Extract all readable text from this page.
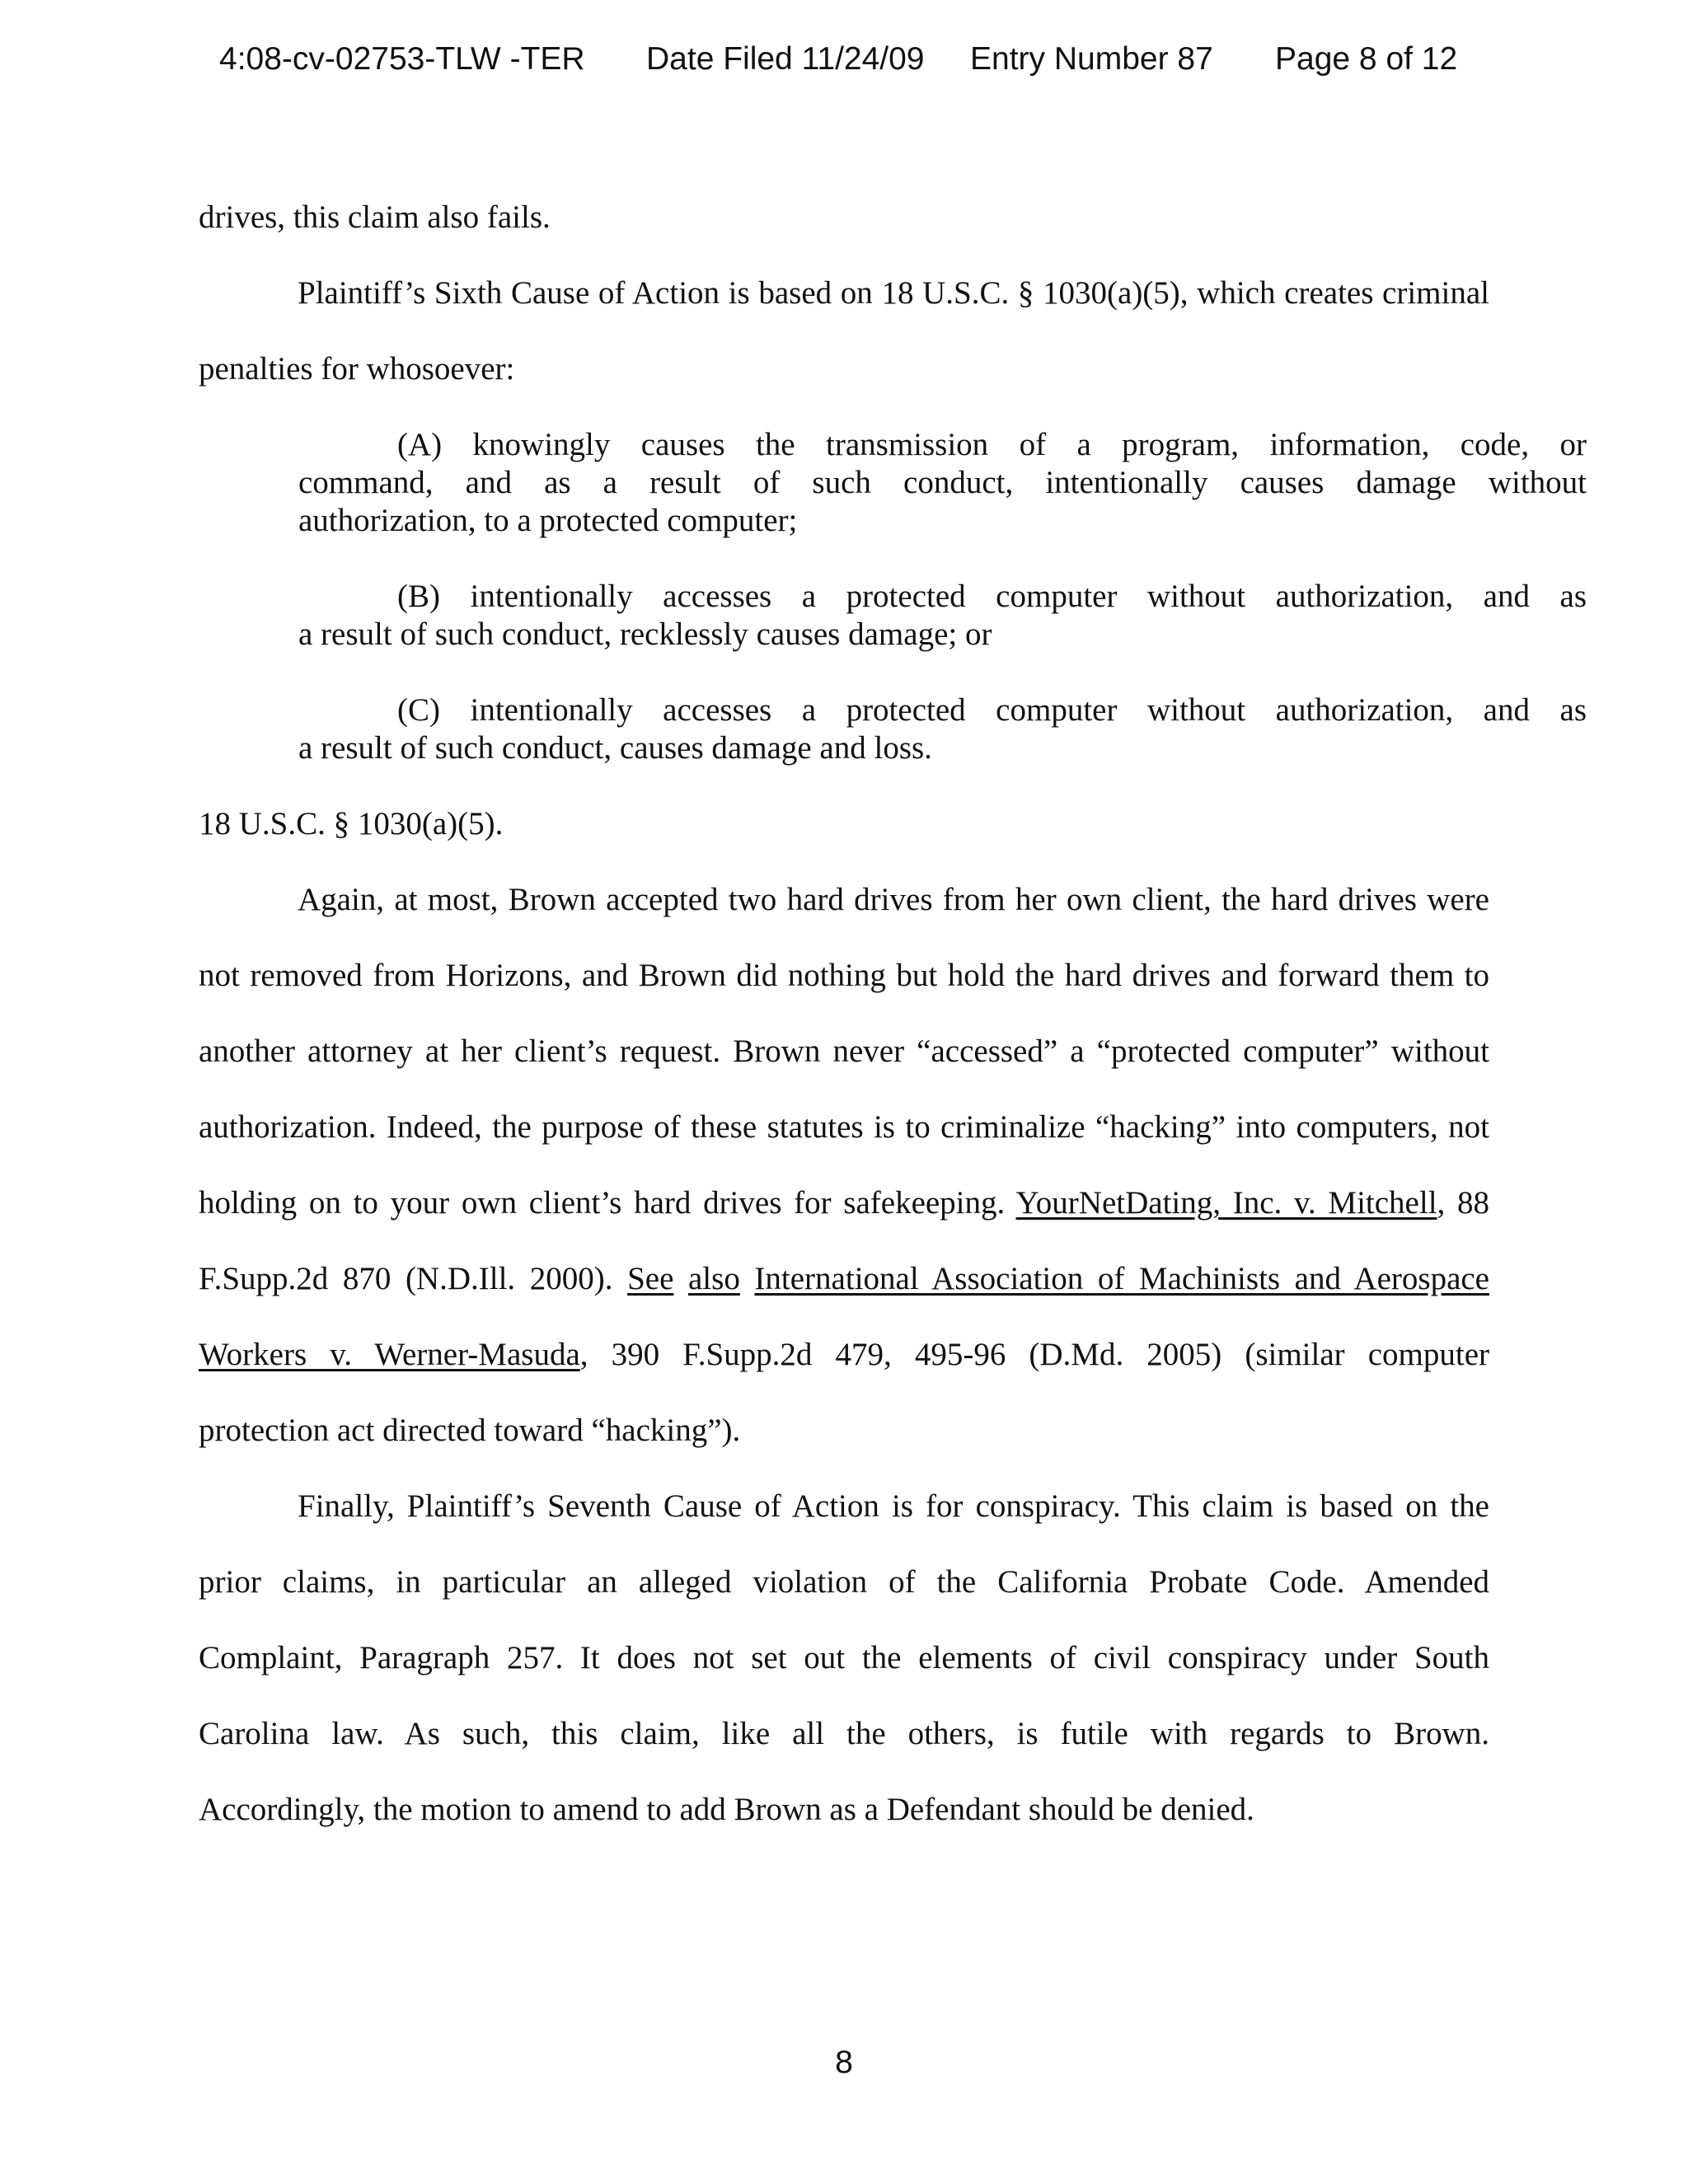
4:08-cv-02753-TLW -TER Date Filed 11/24/09 Entry Number 87 Page 8 of 12
drives, this claim also fails.
Plaintiff’s Sixth Cause of Action is based on 18 U.S.C. § 1030(a)(5), which creates criminal
penalties for whosoever:
(A) knowingly causes the transmission of a program, information, code, or
command, and as a result of such conduct, intentionally causes damage without
authorization, to a protected computer;
(B) intentionally accesses a protected computer without authorization, and as
a result of such conduct, recklessly causes damage; or
(C) intentionally accesses a protected computer without authorization, and as
a result of such conduct, causes damage and loss.
18 U.S.C. § 1030(a)(5).
Again, at most, Brown accepted two hard drives from her own client, the hard drives were
not removed from Horizons, and Brown did nothing but hold the hard drives and forward them to
another attorney at her client’s request. Brown never “accessed” a “protected computer” without
authorization. Indeed, the purpose of these statutes is to criminalize “hacking” into computers, not
holding on to your own client’s hard drives for safekeeping. YourNetDating, Inc. v. Mitchell, 88
F.Supp.2d 870 (N.D.Ill. 2000). See also International Association of Machinists and Aerospace
Workers v. Werner-Masuda, 390 F.Supp.2d 479, 495-96 (D.Md. 2005) (similar computer
protection act directed toward “hacking”).
Finally, Plaintiff’s Seventh Cause of Action is for conspiracy. This claim is based on the
prior claims, in particular an alleged violation of the California Probate Code. Amended
Complaint, Paragraph 257. It does not set out the elements of civil conspiracy under South
Carolina law. As such, this claim, like all the others, is futile with regards to Brown.
Accordingly, the motion to amend to add Brown as a Defendant should be denied.
8
